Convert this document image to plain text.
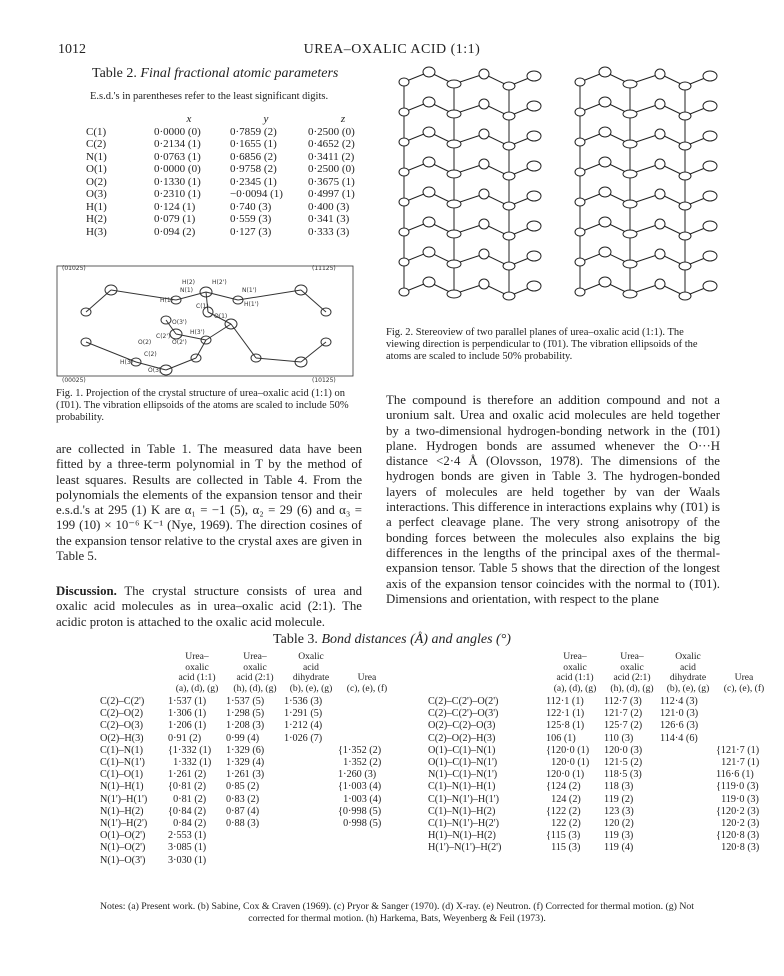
1012	UREA–OXALIC ACID (1:1)
Table 2. Final fractional atomic parameters
E.s.d.'s in parentheses refer to the least significant digits.
	x	y	z
C(1)	0·0000 (0)	0·7859 (2)	0·2500 (0)
C(2)	0·2134 (1)	0·1655 (1)	0·4652 (2)
N(1)	0·0763 (1)	0·6856 (2)	0·3411 (2)
O(1)	0·0000 (0)	0·9758 (2)	0·2500 (0)
O(2)	0·1330 (1)	0·2345 (1)	0·3675 (1)
O(3)	0·2310 (1)	−0·0094 (1)	0·4997 (1)
H(1)	0·124 (1)	0·740 (3)	0·400 (3)
H(2)	0·079 (1)	0·559 (3)	0·341 (3)
H(3)	0·094 (2)	0·127 (3)	0·333 (3)
(01025)	(11125)
(00025)	(10125)
H(2)	H(2')
N(1)	N(1')
H(1)
H(1')
C(1)
O(1)
O(3')
C(2')
H(3')
O(2')
O(2)
C(2)
H(3)
O(3)
Fig. 1. Projection of the crystal structure of urea–oxalic acid (1:1) on (1̄01). The vibration ellipsoids of the atoms are scaled to include 50% probability.
Fig. 2. Stereoview of two parallel planes of urea–oxalic acid (1:1). The viewing direction is perpendicular to (1̄01). The vibration ellipsoids of the atoms are scaled to include 50% probability.
are collected in Table 1. The measured data have been fitted by a three-term polynomial in T by the method of least squares. Results are collected in Table 4. From the polynomials the elements of the expansion tensor and their e.s.d.'s at 295 (1) K are α₁ = −1 (5), α₂ = 29 (6) and α₃ = 199 (10) × 10⁻⁶ K⁻¹ (Nye, 1969). The direction cosines of the expansion tensor relative to the crystal axes are given in Table 5.
Discussion. The crystal structure consists of urea and oxalic acid molecules as in urea–oxalic acid (2:1). The acidic proton is attached to the oxalic acid molecule.
The compound is therefore an addition compound and not a uronium salt. Urea and oxalic acid molecules are held together by a two-dimensional hydrogen-bonding network in the (1̄01) plane. Hydrogen bonds are assumed whenever the O···H distance <2·4 Å (Olovsson, 1978). The dimensions of the hydrogen bonds are given in Table 3. The hydrogen-bonded layers of molecules are held together by van der Waals interactions. This difference in interactions explains why (1̄01) is a perfect cleavage plane. The very strong anisotropy of the bonding forces between the molecules also explains the big differences in the lengths of the principal axes of the thermal-expansion tensor. Table 5 shows that the direction of the longest axis of the expansion tensor coincides with the normal to (1̄01). Dimensions and orientation, with respect to the plane
Table 3. Bond distances (Å) and angles (°)
	Urea–
oxalic
acid (1:1)
(a), (d), (g)	Urea–
oxalic
acid (2:1)
(h), (d), (g)	Oxalic
acid
dihydrate
(b), (e), (g)	Urea
(c), (e), (f)
C(2)–C(2')	1·537 (1)	1·537 (5)	1·536 (3)	
C(2)–O(2)	1·306 (1)	1·298 (5)	1·291 (5)	
C(2)–O(3)	1·206 (1)	1·208 (3)	1·212 (4)	
O(2)–H(3)	0·91 (2)	0·99 (4)	1·026 (7)	
C(1)–N(1)	{1·332 (1)	1·329 (6)		{1·352 (2)
C(1)–N(1')	1·332 (1)	1·329 (4)		1·352 (2)
C(1)–O(1)	1·261 (2)	1·261 (3)		1·260 (3)
N(1)–H(1)	{0·81 (2)	0·85 (2)		{1·003 (4)
N(1')–H(1')	0·81 (2)	0·83 (2)		1·003 (4)
N(1)–H(2)	{0·84 (2)	0·87 (4)		{0·998 (5)
N(1')–H(2')	0·84 (2)	0·88 (3)		0·998 (5)
O(1)–O(2')	2·553 (1)			
N(1)–O(2')	3·085 (1)			
N(1)–O(3')	3·030 (1)			
	Urea–
oxalic
acid (1:1)
(a), (d), (g)	Urea–
oxalic
acid (2:1)
(h), (d), (g)	Oxalic
acid
dihydrate
(b), (e), (g)	Urea
(c), (e), (f)
C(2)–C(2')–O(2')	112·1 (1)	112·7 (3)	112·4 (3)	
C(2)–C(2')–O(3')	122·1 (1)	121·7 (2)	121·0 (3)	
O(2)–C(2)–O(3)	125·8 (1)	125·7 (2)	126·6 (3)	
C(2)–O(2)–H(3)	106 (1)	110 (3)	114·4 (6)	
O(1)–C(1)–N(1)	{120·0 (1)	120·0 (3)		{121·7 (1)
O(1)–C(1)–N(1')	120·0 (1)	121·5 (2)		121·7 (1)
N(1)–C(1)–N(1')	120·0 (1)	118·5 (3)		116·6 (1)
C(1)–N(1)–H(1)	{124 (2)	118 (3)		{119·0 (3)
C(1)–N(1')–H(1')	124 (2)	119 (2)		119·0 (3)
C(1)–N(1)–H(2)	{122 (2)	123 (3)		{120·2 (3)
C(1)–N(1')–H(2')	122 (2)	120 (2)		120·2 (3)
H(1)–N(1)–H(2)	{115 (3)	119 (3)		{120·8 (3)
H(1')–N(1')–H(2')	115 (3)	119 (4)		120·8 (3)
Notes: (a) Present work. (b) Sabine, Cox & Craven (1969). (c) Pryor & Sanger (1970). (d) X-ray. (e) Neutron. (f) Corrected for thermal motion. (g) Not corrected for thermal motion. (h) Harkema, Bats, Weyenberg & Feil (1973).
